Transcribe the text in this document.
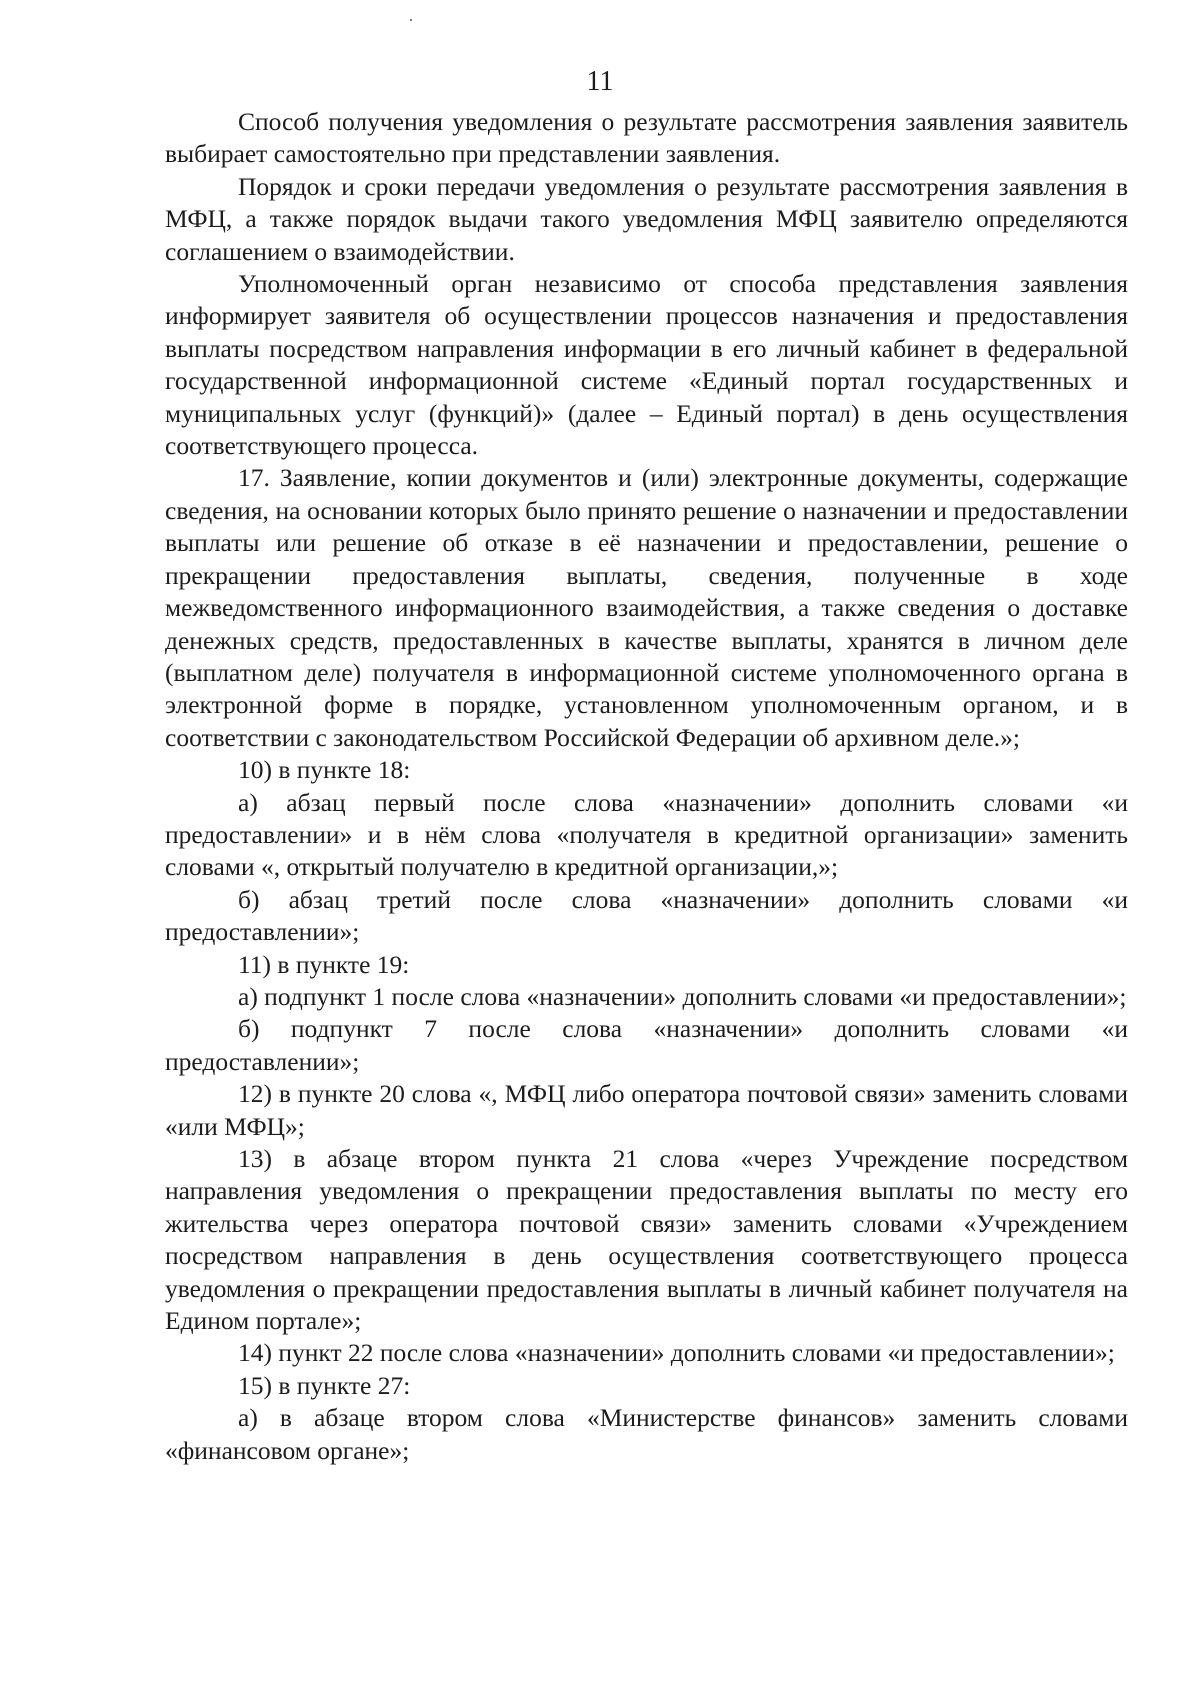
11

Способ получения уведомления о результате рассмотрения заявления заявитель выбирает самостоятельно при представлении заявления.

Порядок и сроки передачи уведомления о результате рассмотрения заявления в МФЦ, а также порядок выдачи такого уведомления МФЦ заявителю определяются соглашением о взаимодействии.

Уполномоченный орган независимо от способа представления заявления информирует заявителя об осуществлении процессов назначения и предоставления выплаты посредством направления информации в его личный кабинет в федеральной государственной информационной системе «Единый портал государственных и муниципальных услуг (функций)» (далее – Единый портал) в день осуществления соответствующего процесса.

17. Заявление, копии документов и (или) электронные документы, содержащие сведения, на основании которых было принято решение о назначении и предоставлении выплаты или решение об отказе в её назначении и предоставлении, решение о прекращении предоставления выплаты, сведения, полученные в ходе межведомственного информационного взаимодействия, а также сведения о доставке денежных средств, предоставленных в качестве выплаты, хранятся в личном деле (выплатном деле) получателя в информационной системе уполномоченного органа в электронной форме в порядке, установленном уполномоченным органом, и в соответствии с законодательством Российской Федерации об архивном деле.»;

10) в пункте 18:

а) абзац первый после слова «назначении» дополнить словами «и предоставлении» и в нём слова «получателя в кредитной организации» заменить словами «, открытый получателю в кредитной организации,»;

б) абзац третий после слова «назначении» дополнить словами «и предоставлении»;

11) в пункте 19:

а) подпункт 1 после слова «назначении» дополнить словами «и предоставлении»;

б) подпункт 7 после слова «назначении» дополнить словами «и предоставлении»;

12) в пункте 20 слова «, МФЦ либо оператора почтовой связи» заменить словами «или МФЦ»;

13) в абзаце втором пункта 21 слова «через Учреждение посредством направления уведомления о прекращении предоставления выплаты по месту его жительства через оператора почтовой связи» заменить словами «Учреждением посредством направления в день осуществления соответствующего процесса уведомления о прекращении предоставления выплаты в личный кабинет получателя на Едином портале»;

14) пункт 22 после слова «назначении» дополнить словами «и предоставлении»;

15) в пункте 27:

а) в абзаце втором слова «Министерстве финансов» заменить словами «финансовом органе»;
